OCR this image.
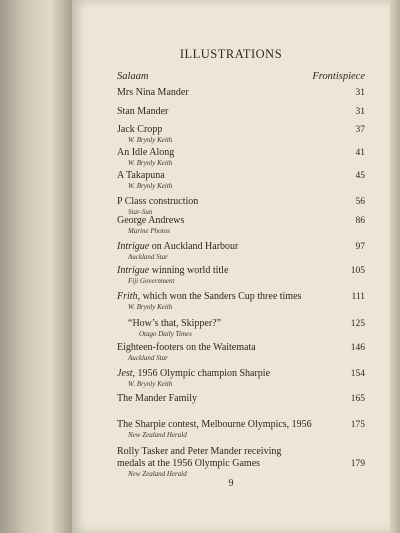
ILLUSTRATIONS
Salaam	Frontispiece
Mrs Nina Mander	31
Stan Mander	31
Jack Cropp	37
W. Brynly Keith
An Idle Along	41
W. Brynly Keith
A Takapuna	45
W. Brynly Keith
P Class construction	56
Star-Sun
George Andrews	86
Marine Photos
Intrigue on Auckland Harbour	97
Auckland Star
Intrigue winning world title	105
Fiji Government
Frith, which won the Sanders Cup three times	111
W. Brynly Keith
“How’s that, Skipper?”	125
Otago Daily Times
Eighteen-footers on the Waitemata	146
Auckland Star
Jest, 1956 Olympic champion Sharpie	154
W. Brynly Keith
The Mander Family	165
The Sharpie contest, Melbourne Olympics, 1956	175
New Zealand Herald
Rolly Tasker and Peter Mander receiving
medals at the 1956 Olympic Games	179
New Zealand Herald
9
